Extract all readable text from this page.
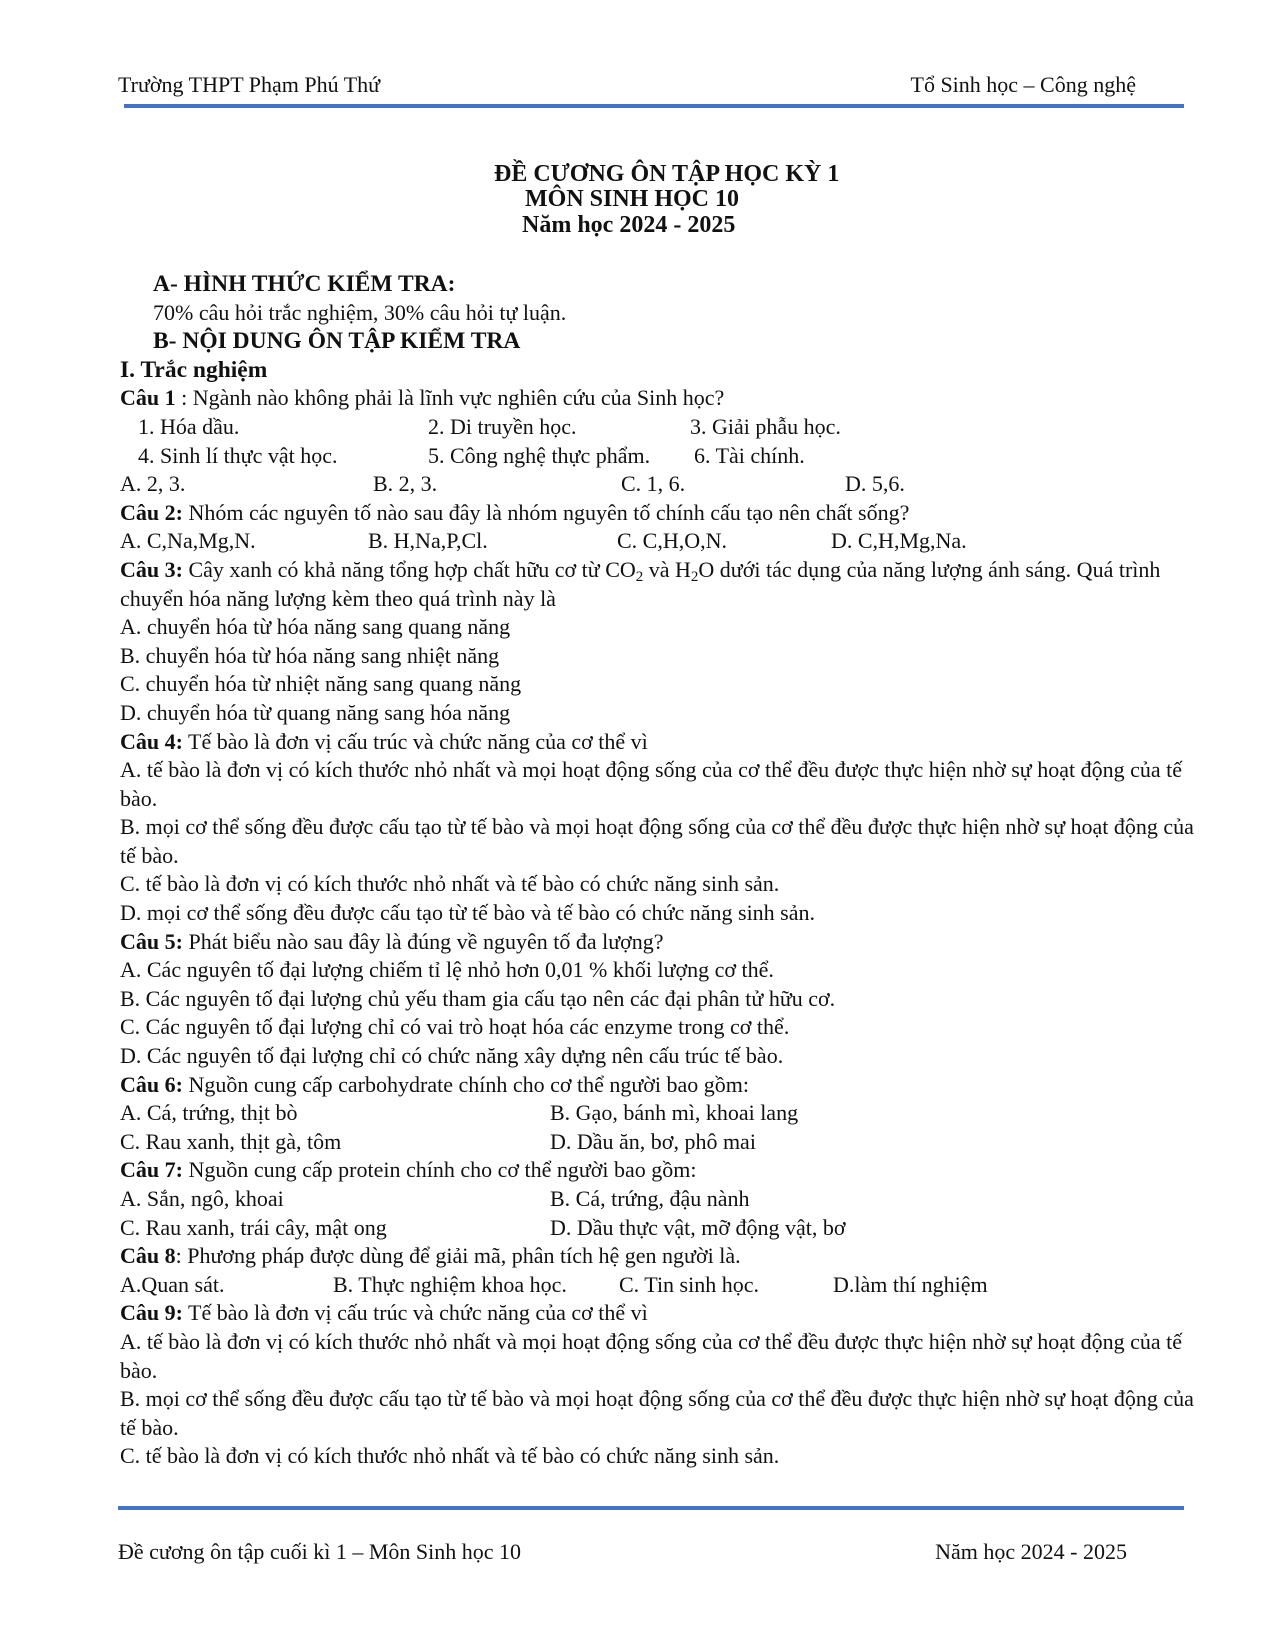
Trường THPT Phạm Phú Thứ	Tổ Sinh học – Công nghệ
ĐỀ CƯƠNG ÔN TẬP HỌC KỲ 1
MÔN SINH HỌC 10
Năm học 2024 - 2025
A- HÌNH THỨC KIỂM TRA:
70% câu hỏi trắc nghiệm, 30% câu hỏi tự luận.
B- NỘI DUNG ÔN TẬP KIỂM TRA
I. Trắc nghiệm
Câu 1 : Ngành nào không phải là lĩnh vực nghiên cứu của Sinh học?
1. Hóa dầu.	2. Di truyền học.	3. Giải phẫu học.
4. Sinh lí thực vật học.	5. Công nghệ thực phẩm.	6. Tài chính.
A. 2, 3.	B. 2, 3.	C. 1, 6.	D. 5,6.
Câu 2: Nhóm các nguyên tố nào sau đây là nhóm nguyên tố chính cấu tạo nên chất sống?
A. C,Na,Mg,N.	B. H,Na,P,Cl.	C. C,H,O,N.	D. C,H,Mg,Na.
Câu 3: Cây xanh có khả năng tổng hợp chất hữu cơ từ $CO_2$ và $H_2O$ dưới tác dụng của năng lượng ánh sáng. Quá trình chuyển hóa năng lượng kèm theo quá trình này là
A. chuyển hóa từ hóa năng sang quang năng
B. chuyển hóa từ hóa năng sang nhiệt năng
C. chuyển hóa từ nhiệt năng sang quang năng
D. chuyển hóa từ quang năng sang hóa năng
Câu 4: Tế bào là đơn vị cấu trúc và chức năng của cơ thể vì
A. tế bào là đơn vị có kích thước nhỏ nhất và mọi hoạt động sống của cơ thể đều được thực hiện nhờ sự hoạt động của tế bào.
B. mọi cơ thể sống đều được cấu tạo từ tế bào và mọi hoạt động sống của cơ thể đều được thực hiện nhờ sự hoạt động của tế bào.
C. tế bào là đơn vị có kích thước nhỏ nhất và tế bào có chức năng sinh sản.
D. mọi cơ thể sống đều được cấu tạo từ tế bào và tế bào có chức năng sinh sản.
Câu 5: Phát biểu nào sau đây là đúng về nguyên tố đa lượng?
A. Các nguyên tố đại lượng chiếm tỉ lệ nhỏ hơn 0,01 % khối lượng cơ thể.
B. Các nguyên tố đại lượng chủ yếu tham gia cấu tạo nên các đại phân tử hữu cơ.
C. Các nguyên tố đại lượng chỉ có vai trò hoạt hóa các enzyme trong cơ thể.
D. Các nguyên tố đại lượng chỉ có chức năng xây dựng nên cấu trúc tế bào.
Câu 6: Nguồn cung cấp carbohydrate chính cho cơ thể người bao gồm:
A. Cá, trứng, thịt bò	B. Gạo, bánh mì, khoai lang
C. Rau xanh, thịt gà, tôm	D. Dầu ăn, bơ, phô mai
Câu 7: Nguồn cung cấp protein chính cho cơ thể người bao gồm:
A. Sắn, ngô, khoai	B. Cá, trứng, đậu nành
C. Rau xanh, trái cây, mật ong	D. Dầu thực vật, mỡ động vật, bơ
Câu 8: Phương pháp được dùng để giải mã, phân tích hệ gen người là.
A.Quan sát.	B. Thực nghiệm khoa học.	C. Tin sinh học.	D.làm thí nghiệm
Câu 9: Tế bào là đơn vị cấu trúc và chức năng của cơ thể vì
A. tế bào là đơn vị có kích thước nhỏ nhất và mọi hoạt động sống của cơ thể đều được thực hiện nhờ sự hoạt động của tế bào.
B. mọi cơ thể sống đều được cấu tạo từ tế bào và mọi hoạt động sống của cơ thể đều được thực hiện nhờ sự hoạt động của tế bào.
C. tế bào là đơn vị có kích thước nhỏ nhất và tế bào có chức năng sinh sản.
Đề cương ôn tập cuối kì 1 – Môn Sinh học 10	Năm học 2024 - 2025
